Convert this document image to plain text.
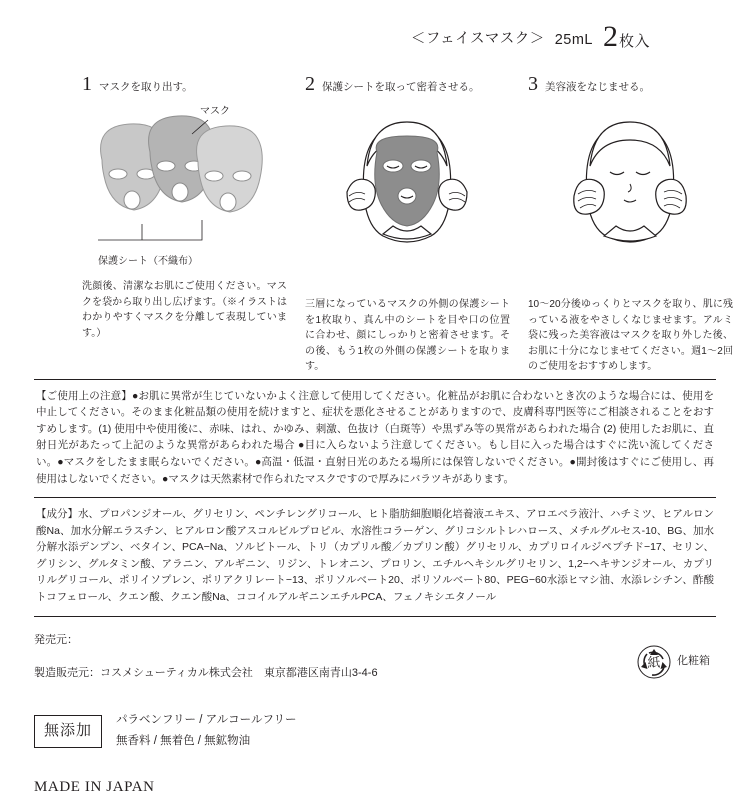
＜フェイスマスク＞ 25mL 2 枚入
1 マスクを取り出す。
マスク
保護シート（不織布）
洗顔後、清潔なお肌にご使用ください。マスクを袋から取り出し広げます。（※イラストはわかりやすくマスクを分離して表現しています。）
2 保護シートを取って密着させる。
三層になっているマスクの外側の保護シートを1枚取り、真ん中のシートを目や口の位置に合わせ、顔にしっかりと密着させます。その後、もう1枚の外側の保護シートを取ります。
3 美容液をなじませる。
10〜20分後ゆっくりとマスクを取り、肌に残っている液をやさしくなじませます。アルミ袋に残った美容液はマスクを取り外した後、お肌に十分になじませてください。週1〜2回のご使用をおすすめします。
【ご使用上の注意】●お肌に異常が生じていないかよく注意して使用してください。化粧品がお肌に合わないとき次のような場合には、使用を中止してください。そのまま化粧品類の使用を続けますと、症状を悪化させることがありますので、皮膚科専門医等にご相談されることをおすすめします。(1) 使用中や使用後に、赤味、はれ、かゆみ、刺激、色抜け（白斑等）や黒ずみ等の異常があらわれた場合 (2) 使用したお肌に、直射日光があたって上記のような異常があらわれた場合 ●目に入らないよう注意してください。もし目に入った場合はすぐに洗い流してください。●マスクをしたまま眠らないでください。●高温・低温・直射日光のあたる場所には保管しないでください。●開封後はすぐにご使用し、再使用はしないでください。●マスクは天然素材で作られたマスクですので厚みにバラツキがあります。
【成分】水、プロパンジオール、グリセリン、ペンチレングリコール、ヒト脂肪細胞順化培養液エキス、アロエベラ液汁、ハチミツ、ヒアルロン酸Na、加水分解エラスチン、ヒアルロン酸アスコルビルプロピル、水溶性コラーゲン、グリコシルトレハロース、メチルグルセス-10、BG、加水分解水添デンプン、ベタイン、PCA−Na、ソルビトール、トリ（カプリル酸／カプリン酸）グリセリル、カプリロイルジペプチド−17、セリン、グリシン、グルタミン酸、アラニン、アルギニン、リジン、トレオニン、プロリン、エチルヘキシルグリセリン、1,2−ヘキサンジオール、カプリリルグリコール、ポリイソプレン、ポリアクリレート−13、ポリソルベート20、ポリソルベート80、PEG−60水添ヒマシ油、水添レシチン、酢酸トコフェロール、クエン酸、クエン酸Na、ココイルアルギニンエチルPCA、フェノキシエタノール
発売元：
製造販売元：コスメシューティカル株式会社　東京都港区南青山3-4-6
紙 化粧箱
無添加
パラベンフリー / アルコールフリー
無香料 / 無着色 / 無鉱物油
MADE IN JAPAN
